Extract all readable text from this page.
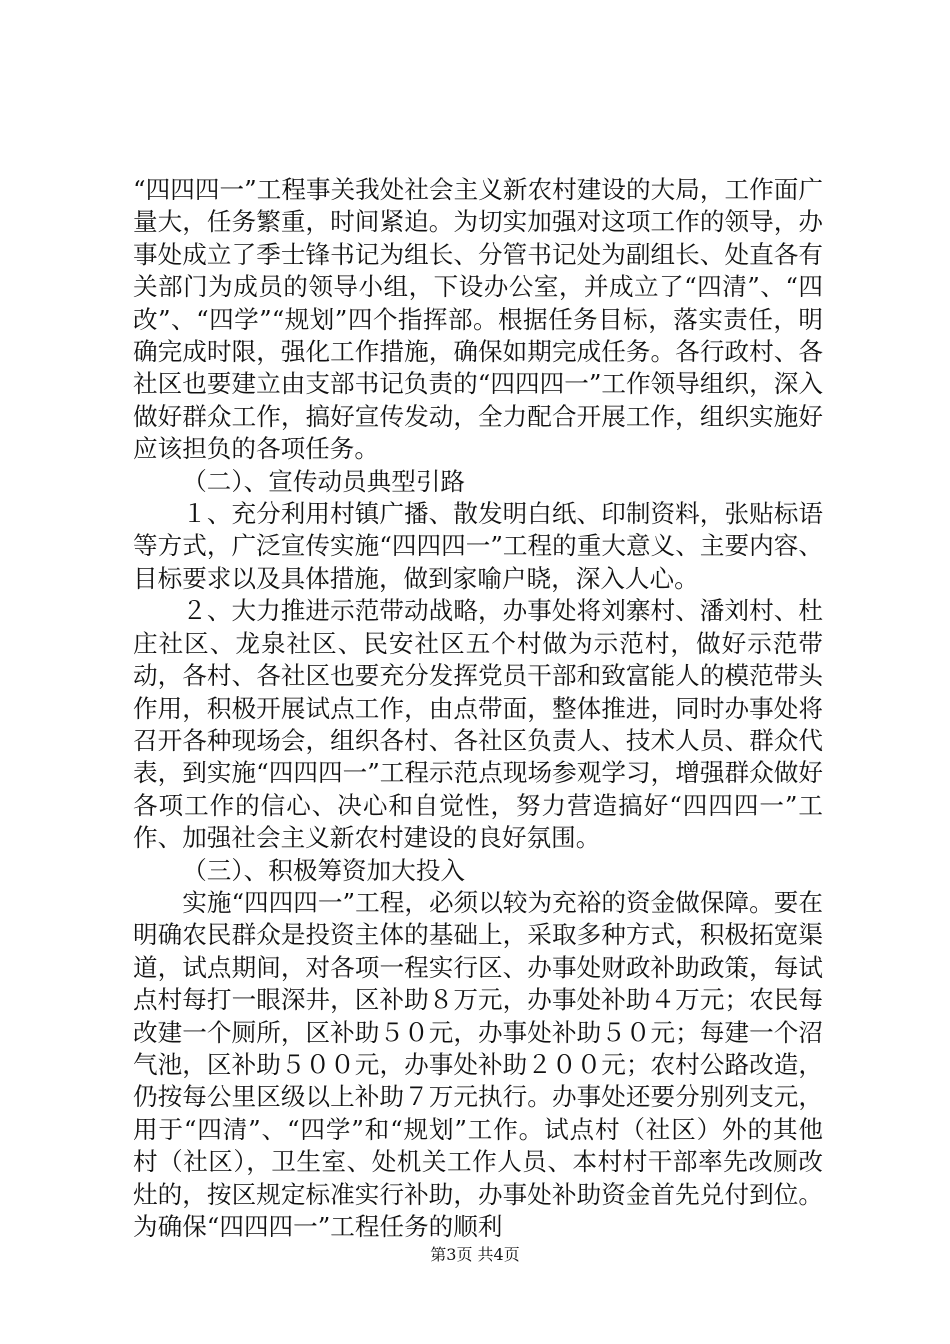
“四四四一”工程事关我处社会主义新农村建设的大局，工作面广量大，任务繁重，时间紧迫。为切实加强对这项工作的领导，办事处成立了季士锋书记为组长、分管书记处为副组长、处直各有关部门为成员的领导小组，下设办公室，并成立了“四清”、“四改”、“四学”“规划”四个指挥部。根据任务目标，落实责任，明确完成时限，强化工作措施，确保如期完成任务。各行政村、各社区也要建立由支部书记负责的“四四四一”工作领导组织，深入做好群众工作，搞好宣传发动，全力配合开展工作，组织实施好应该担负的各项任务。

（二）、宣传动员典型引路

１、充分利用村镇广播、散发明白纸、印制资料，张贴标语等方式，广泛宣传实施“四四四一”工程的重大意义、主要内容、目标要求以及具体措施，做到家喻户晓，深入人心。

２、大力推进示范带动战略，办事处将刘寨村、潘刘村、杜庄社区、龙泉社区、民安社区五个村做为示范村，做好示范带动，各村、各社区也要充分发挥党员干部和致富能人的模范带头作用，积极开展试点工作，由点带面，整体推进，同时办事处将召开各种现场会，组织各村、各社区负责人、技术人员、群众代表，到实施“四四四一”工程示范点现场参观学习，增强群众做好各项工作的信心、决心和自觉性，努力营造搞好“四四四一”工作、加强社会主义新农村建设的良好氛围。

（三）、积极筹资加大投入

实施“四四四一”工程，必须以较为充裕的资金做保障。要在明确农民群众是投资主体的基础上，采取多种方式，积极拓宽渠道，试点期间，对各项一程实行区、办事处财政补助政策，每试点村每打一眼深井，区补助８万元，办事处补助４万元；农民每改建一个厕所，区补助５０元，办事处补助５０元；每建一个沼气池，区补助５００元，办事处补助２００元；农村公路改造，仍按每公里区级以上补助７万元执行。办事处还要分别列支元，用于“四清”、“四学”和“规划”工作。试点村（社区）外的其他村（社区），卫生室、处机关工作人员、本村村干部率先改厕改灶的，按区规定标准实行补助，办事处补助资金首先兑付到位。为确保“四四四一”工程任务的顺利

第3页 共4页
